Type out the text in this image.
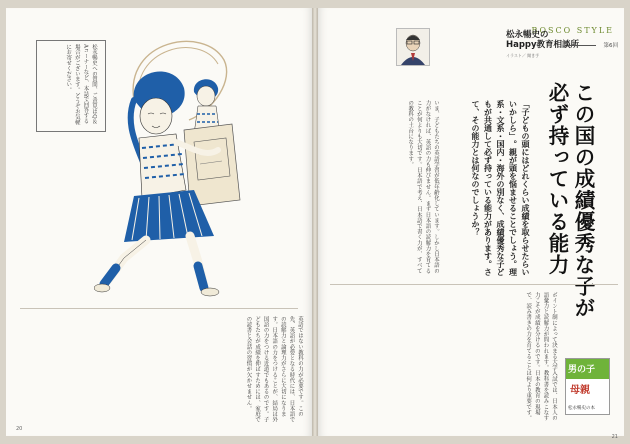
松永暢史への質問、ご意見はQ＆Aコーナーなど、本誌で回答する場合がございます。どうぞお気軽にお寄せください。
英語ではない教科の力が必要です。この先、英語が必要となる時代には、日本語での読解力と論理力がさらに大切になります。日本語の力をつけることが、結局は外国語の力をつける近道でもあるのです。子どもたちが成績を伸ばすためには、家庭での読書と会話の習慣が欠かせません。
20
BOSCO STYLE
松永暢史の
Happy教育相談所	第6回
イラスト／ 聞き手
この国の成績優秀な子が
必ず持っている能力
「子どもの頭にはどれくらい成績を取らせたらいいかしら」。親が頭を悩ませることでしょう。理系・文系・国内・海外の別なく、成績優秀な子どもが共通して必ず持っている能力があります。さて、その能力とは何なのでしょうか？
いま、子どもたちの英語学習が低年齢化しています。しかし日本語の力がなければ、英語の力も伸びません。まず日本語の読解力を育てることが何よりも大切です。日本語で考え、日本語で書く力が、すべての教科の土台になります。
ボイント制によって決まる大学入試では、日本人の語彙力と読解力が問われます。教科書を読みこなす力こそが成績を分けるのです。日本の教育の現場で、読み書きの力を育てることは何より重要です。	男の子
母親
松永暢史の本
21
